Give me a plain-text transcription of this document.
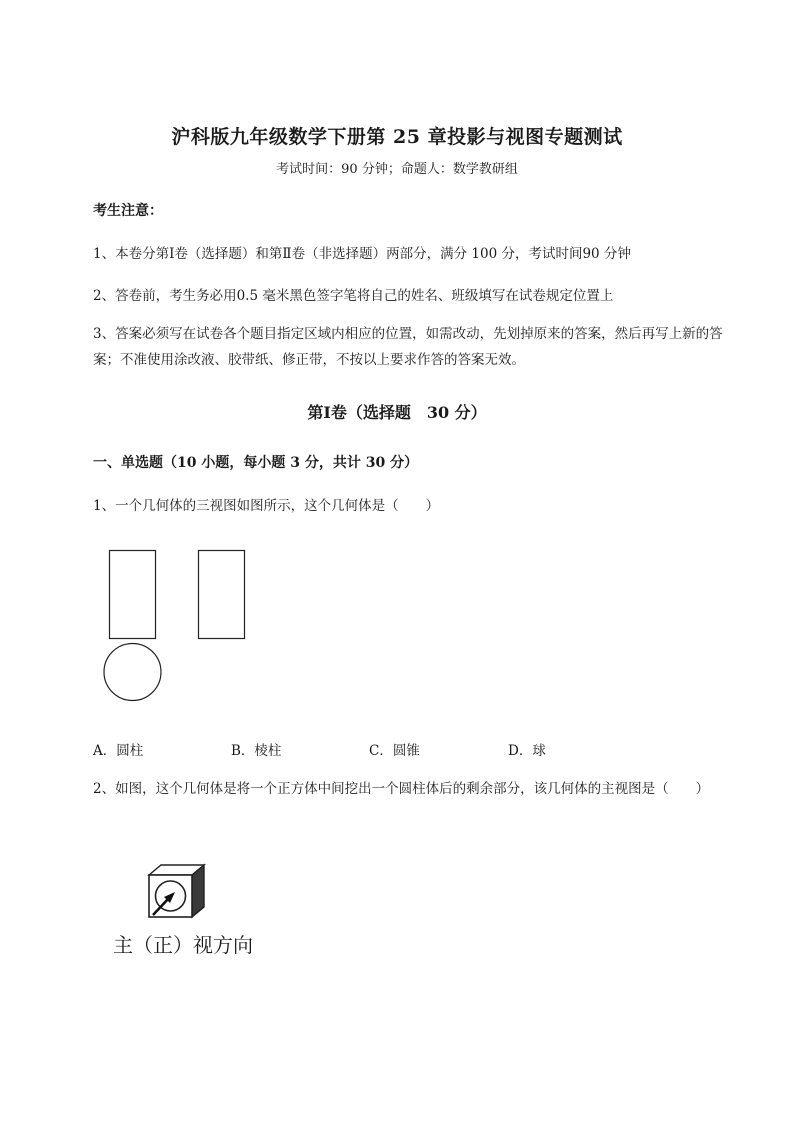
沪科版九年级数学下册第 25 章投影与视图专题测试
考试时间：90 分钟；命题人：数学教研组
考生注意：
1、本卷分第Ⅰ卷（选择题）和第Ⅱ卷（非选择题）两部分，满分 100 分，考试时间90 分钟
2、答卷前，考生务必用0.5 毫米黑色签字笔将自己的姓名、班级填写在试卷规定位置上
3、答案必须写在试卷各个题目指定区域内相应的位置，如需改动，先划掉原来的答案，然后再写上新的答案；不准使用涂改液、胶带纸、修正带，不按以上要求作答的答案无效。
第Ⅰ卷（选择题　30 分）
一、单选题（10 小题，每小题 3 分，共计 30 分）
1、一个几何体的三视图如图所示，这个几何体是（　　）
A．圆柱	B．棱柱	C．圆锥	D．球
2、如图，这个几何体是将一个正方体中间挖出一个圆柱体后的剩余部分，该几何体的主视图是（　　）
主（正）视方向
